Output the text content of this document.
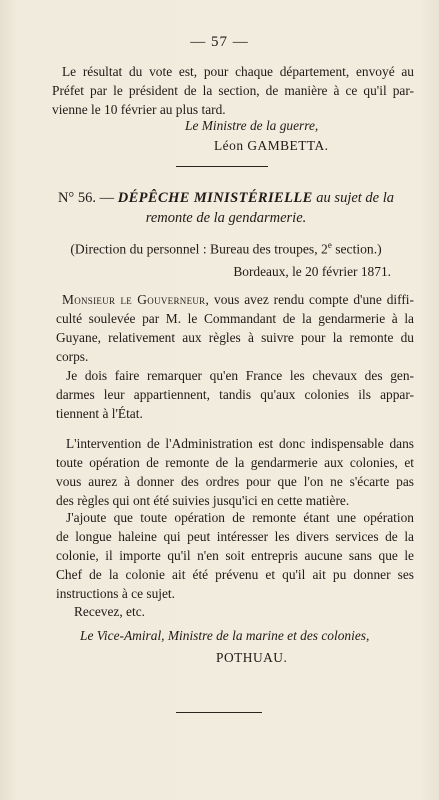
— 57 —

Le résultat du vote est, pour chaque département, envoyé au
Préfet par le président de la section, de manière à ce qu'il par-
vienne le 10 février au plus tard.

Le Ministre de la guerre,
Léon GAMBETTA.
N° 56. — DÉPÊCHE MINISTÉRIELLE au sujet de la
remonte de la gendarmerie.
(Direction du personnel : Bureau des troupes, 2e section.)
Bordeaux, le 20 février 1871.

Monsieur le Gouverneur, vous avez rendu compte d'une diffi-
culté soulevée par M. le Commandant de la gendarmerie à la
Guyane, relativement aux règles à suivre pour la remonte du
corps.

Je dois faire remarquer qu'en France les chevaux des gen-
darmes leur appartiennent, tandis qu'aux colonies ils appar-
tiennent à l'État.

L'intervention de l'Administration est donc indispensable dans
toute opération de remonte de la gendarmerie aux colonies, et
vous aurez à donner des ordres pour que l'on ne s'écarte pas
des règles qui ont été suivies jusqu'ici en cette matière.

J'ajoute que toute opération de remonte étant une opération
de longue haleine qui peut intéresser les divers services de la
colonie, il importe qu'il n'en soit entrepris aucune sans que le
Chef de la colonie ait été prévenu et qu'il ait pu donner ses
instructions à ce sujet.

Recevez, etc.
Le Vice-Amiral, Ministre de la marine et des colonies,
POTHUAU.
